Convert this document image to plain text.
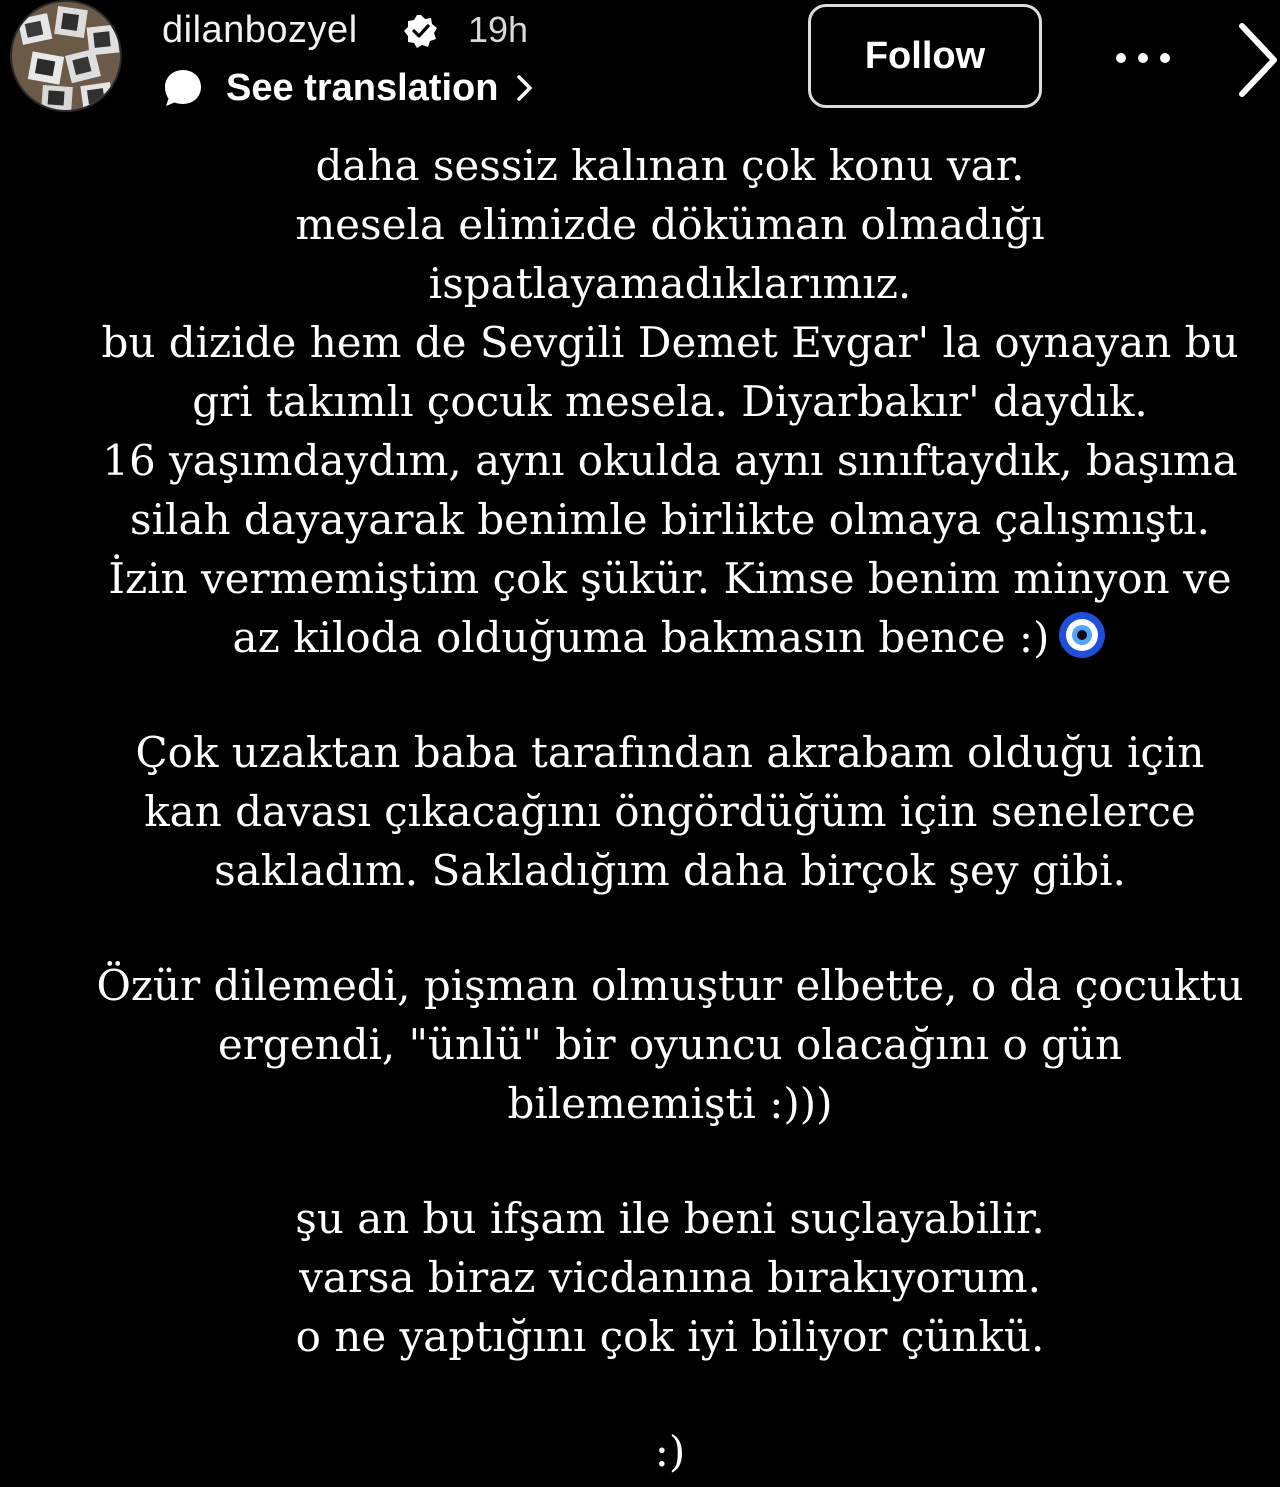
dilanbozyel	19h
See translation
Follow
daha sessiz kalınan çok konu var.
mesela elimizde döküman olmadığı
ispatlayamadıklarımız.
bu dizide hem de Sevgili Demet Evgar' la oynayan bu
gri takımlı çocuk mesela. Diyarbakır' daydık.
16 yaşımdaydım, aynı okulda aynı sınıftaydık, başıma
silah dayayarak benimle birlikte olmaya çalışmıştı.
İzin vermemiştim çok şükür. Kimse benim minyon ve
az kiloda olduğuma bakmasın bence :)
Çok uzaktan baba tarafından akrabam olduğu için
kan davası çıkacağını öngördüğüm için senelerce
sakladım. Sakladığım daha birçok şey gibi.
Özür dilemedi, pişman olmuştur elbette, o da çocuktu
ergendi, "ünlü" bir oyuncu olacağını o gün
bilememişti :)))
şu an bu ifşam ile beni suçlayabilir.
varsa biraz vicdanına bırakıyorum.
o ne yaptığını çok iyi biliyor çünkü.
:)
